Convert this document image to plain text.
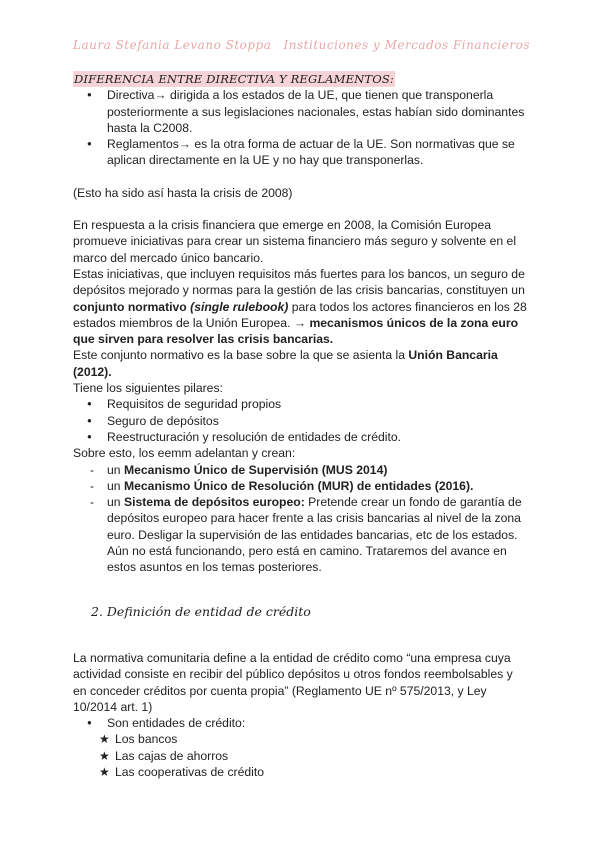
Laura Stefania Levano Stoppa Instituciones y Mercados Financieros
DIFERENCIA ENTRE DIRECTIVA Y REGLAMENTOS:
● Directiva→ dirigida a los estados de la UE, que tienen que transponerla posteriormente a sus legislaciones nacionales, estas habían sido dominantes hasta la C2008.
● Reglamentos→ es la otra forma de actuar de la UE. Son normativas que se aplican directamente en la UE y no hay que transponerlas.

(Esto ha sido así hasta la crisis de 2008)

En respuesta a la crisis financiera que emerge en 2008, la Comisión Europea promueve iniciativas para crear un sistema financiero más seguro y solvente en el marco del mercado único bancario.

Estas iniciativas, que incluyen requisitos más fuertes para los bancos, un seguro de depósitos mejorado y normas para la gestión de las crisis bancarias, constituyen un conjunto normativo (single rulebook) para todos los actores financieros en los 28 estados miembros de la Unión Europea. → mecanismos únicos de la zona euro que sirven para resolver las crisis bancarias.

Este conjunto normativo es la base sobre la que se asienta la Unión Bancaria (2012).

Tiene los siguientes pilares:

● Requisitos de seguridad propios
● Seguro de depósitos
● Reestructuración y resolución de entidades de crédito.

Sobre esto, los eemm adelantan y crean:

- un Mecanismo Único de Supervisión (MUS 2014)
- un Mecanismo Único de Resolución (MUR) de entidades (2016).
- un Sistema de depósitos europeo: Pretende crear un fondo de garantía de depósitos europeo para hacer frente a las crisis bancarias al nivel de la zona euro. Desligar la supervisión de las entidades bancarias, etc de los estados. Aún no está funcionando, pero está en camino. Trataremos del avance en estos asuntos en los temas posteriores.
2. Definición de entidad de crédito

La normativa comunitaria define a la entidad de crédito como “una empresa cuya actividad consiste en recibir del público depósitos u otros fondos reembolsables y en conceder créditos por cuenta propia” (Reglamento UE nº 575/2013, y Ley 10/2014 art. 1)

● Son entidades de crédito:
★ Los bancos
★ Las cajas de ahorros
★ Las cooperativas de crédito
